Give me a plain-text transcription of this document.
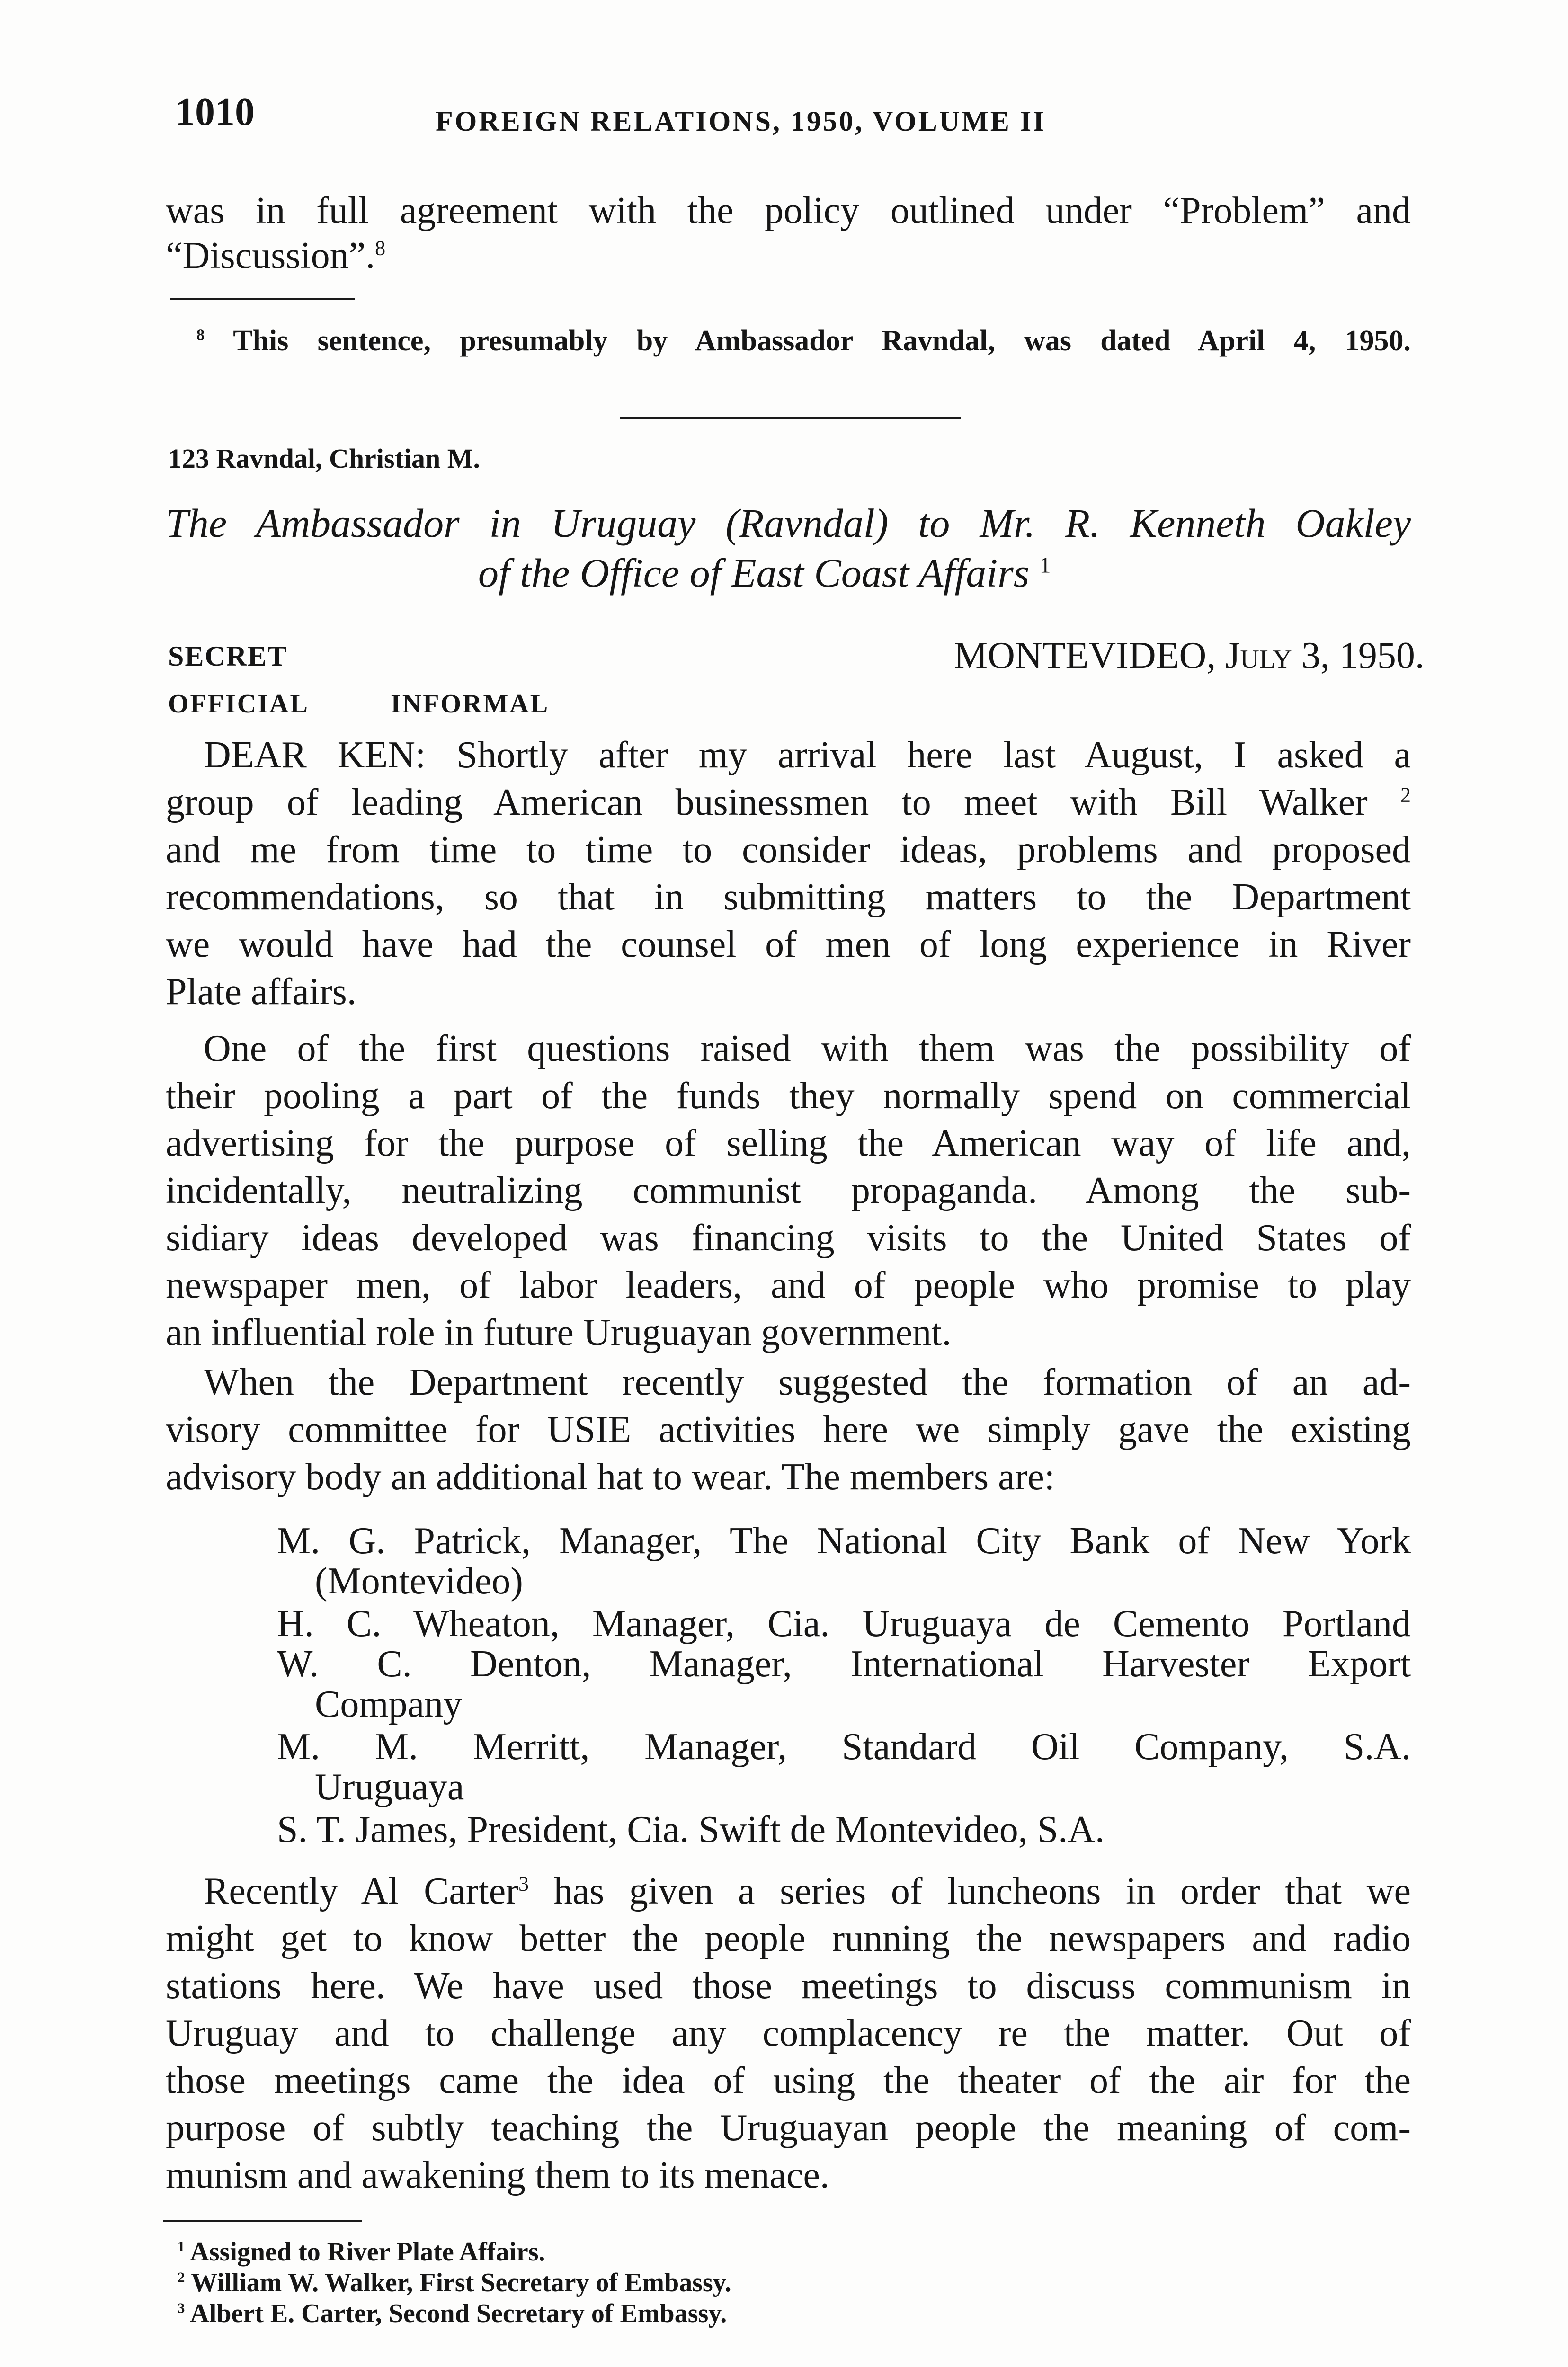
1010	FOREIGN RELATIONS, 1950, VOLUME II
was in full agreement with the policy outlined under “Problem” and
“Discussion”.$^8$
$^8$ This sentence, presumably by Ambassador Ravndal, was dated April 4, 1950.
123 Ravndal, Christian M.
The Ambassador in Uruguay (Ravndal) to Mr. R. Kenneth Oakley
of the Office of East Coast Affairs $^1$
SECRET	MONTEVIDEO, July 3, 1950.
OFFICIAL	INFORMAL
DEAR KEN: Shortly after my arrival here last August, I asked a
group of leading American businessmen to meet with Bill Walker $^2$
and me from time to time to consider ideas, problems and proposed
recommendations, so that in submitting matters to the Department
we would have had the counsel of men of long experience in River
Plate affairs.
One of the first questions raised with them was the possibility of
their pooling a part of the funds they normally spend on commercial
advertising for the purpose of selling the American way of life and,
incidentally, neutralizing communist propaganda. Among the sub-
sidiary ideas developed was financing visits to the United States of
newspaper men, of labor leaders, and of people who promise to play
an influential role in future Uruguayan government.
When the Department recently suggested the formation of an ad-
visory committee for USIE activities here we simply gave the existing
advisory body an additional hat to wear. The members are:
M. G. Patrick, Manager, The National City Bank of New York
(Montevideo)
H. C. Wheaton, Manager, Cia. Uruguaya de Cemento Portland
W. C. Denton, Manager, International Harvester Export
Company
M. M. Merritt, Manager, Standard Oil Company, S.A.
Uruguaya
S. T. James, President, Cia. Swift de Montevideo, S.A.
Recently Al Carter$^3$ has given a series of luncheons in order that we
might get to know better the people running the newspapers and radio
stations here. We have used those meetings to discuss communism in
Uruguay and to challenge any complacency re the matter. Out of
those meetings came the idea of using the theater of the air for the
purpose of subtly teaching the Uruguayan people the meaning of com-
munism and awakening them to its menace.
$^1$ Assigned to River Plate Affairs.
$^2$ William W. Walker, First Secretary of Embassy.
$^3$ Albert E. Carter, Second Secretary of Embassy.
